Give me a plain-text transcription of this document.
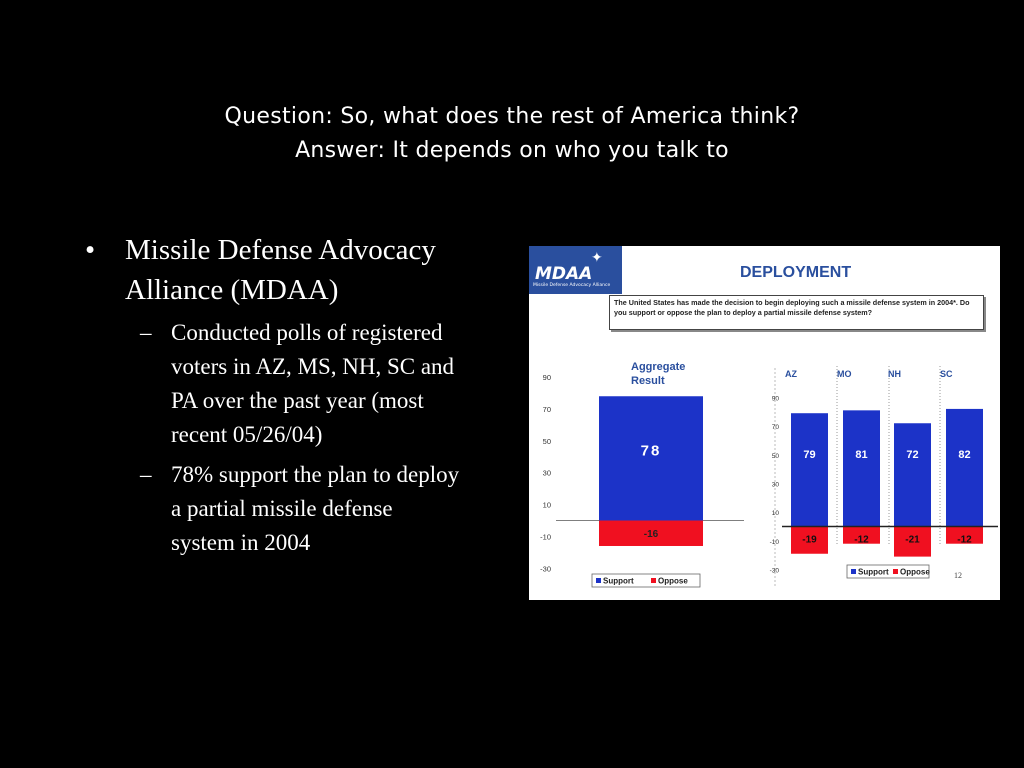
Question: So, what does the rest of America think?
Answer: It depends on who you talk to
•	Missile Defense Advocacy Alliance (MDAA)
– Conducted polls of registered voters in AZ, MS, NH, SC and PA over the past year (most recent 05/26/04)
– 78% support the plan to deploy a partial missile defense system in 2004
✦
MDAA
Missile Defense Advocacy Alliance
DEPLOYMENT
The United States has made the decision to begin deploying such a missile defense system in 2004*. Do you support or oppose the plan to deploy a partial missile defense system?
12
90
70
50
30
10
-10
-30
Aggregate
Result
78
-16
Support	Oppose
90
70
50
30
10
-10
-30
AZ
79
-19
MO
81
-12
NH
72
-21
SC
82
-12
Support Oppose
